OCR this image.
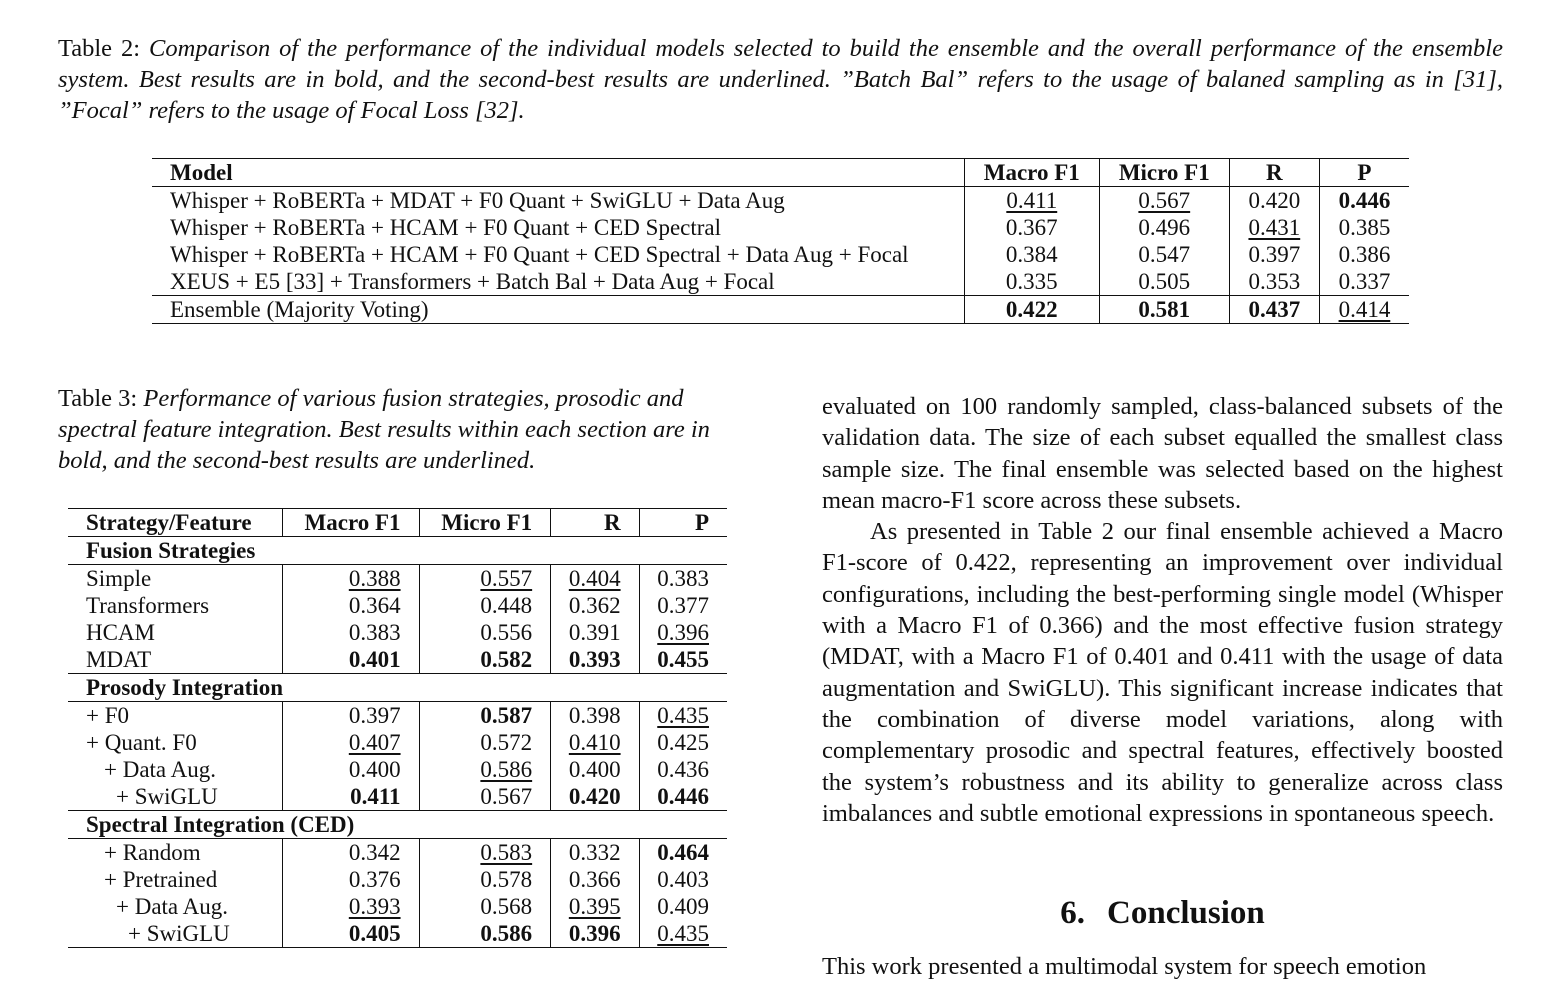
Table 2: Comparison of the performance of the individual models selected to build the ensemble and the overall performance of the ensemble system. Best results are in bold, and the second-best results are underlined. ”Batch Bal” refers to the usage of balaned sampling as in [31], ”Focal” refers to the usage of Focal Loss [32].
Model	Macro F1	Micro F1	R	P
Whisper + RoBERTa + MDAT + F0 Quant + SwiGLU + Data Aug	0.411	0.567	0.420	0.446
Whisper + RoBERTa + HCAM + F0 Quant + CED Spectral	0.367	0.496	0.431	0.385
Whisper + RoBERTa + HCAM + F0 Quant + CED Spectral + Data Aug + Focal	0.384	0.547	0.397	0.386
XEUS + E5 [33] + Transformers + Batch Bal + Data Aug + Focal	0.335	0.505	0.353	0.337
Ensemble (Majority Voting)	0.422	0.581	0.437	0.414
Table 3: Performance of various fusion strategies, prosodic and spectral feature integration. Best results within each section are in bold, and the second-best results are underlined.
Strategy/Feature	Macro F1	Micro F1	R	P
Fusion Strategies				
Simple	0.388	0.557	0.404	0.383
Transformers	0.364	0.448	0.362	0.377
HCAM	0.383	0.556	0.391	0.396
MDAT	0.401	0.582	0.393	0.455
Prosody Integration				
+ F0	0.397	0.587	0.398	0.435
+ Quant. F0	0.407	0.572	0.410	0.425
+ Data Aug.	0.400	0.586	0.400	0.436
+ SwiGLU	0.411	0.567	0.420	0.446
Spectral Integration (CED)				
+ Random	0.342	0.583	0.332	0.464
+ Pretrained	0.376	0.578	0.366	0.403
+ Data Aug.	0.393	0.568	0.395	0.409
+ SwiGLU	0.405	0.586	0.396	0.435

evaluated on 100 randomly sampled, class-balanced subsets of the validation data. The size of each subset equalled the smallest class sample size. The final ensemble was selected based on the highest mean macro-F1 score across these subsets.

As presented in Table 2 our final ensemble achieved a Macro F1-score of 0.422, representing an improvement over individual configurations, including the best-performing single model (Whisper with a Macro F1 of 0.366) and the most effective fusion strategy (MDAT, with a Macro F1 of 0.401 and 0.411 with the usage of data augmentation and SwiGLU). This significant increase indicates that the combination of diverse model variations, along with complementary prosodic and spectral features, effectively boosted the system’s robustness and its ability to generalize across class imbalances and subtle emotional expressions in spontaneous speech.

6. Conclusion
This work presented a multimodal system for speech emotion
